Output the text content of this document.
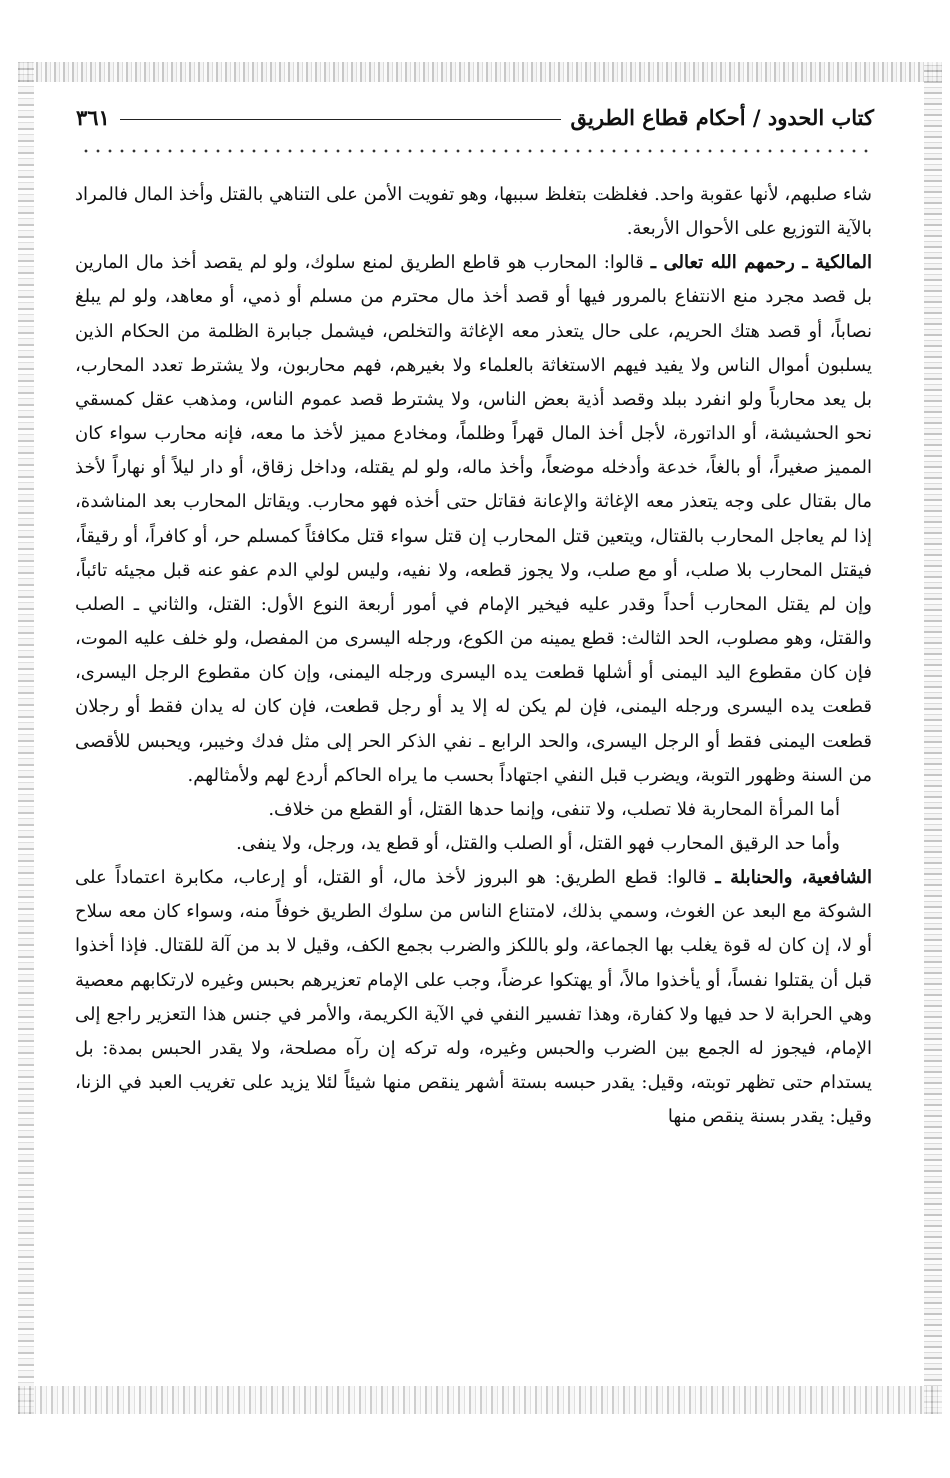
كتاب الحدود / أحكام قطاع الطريق
٣٦١

شاء صلبهم، لأنها عقوبة واحد. فغلظت بتغلظ سببها، وهو تفويت الأمن على التناهي بالقتل وأخذ المال فالمراد بالآية التوزيع على الأحوال الأربعة.

المالكية ـ رحمهم الله تعالى ـ قالوا: المحارب هو قاطع الطريق لمنع سلوك، ولو لم يقصد أخذ مال المارين بل قصد مجرد منع الانتفاع بالمرور فيها أو قصد أخذ مال محترم من مسلم أو ذمي، أو معاهد، ولو لم يبلغ نصاباً، أو قصد هتك الحريم، على حال يتعذر معه الإغاثة والتخلص، فيشمل جبابرة الظلمة من الحكام الذين يسلبون أموال الناس ولا يفيد فيهم الاستغاثة بالعلماء ولا بغيرهم، فهم محاربون، ولا يشترط تعدد المحارب، بل يعد محارباً ولو انفرد ببلد وقصد أذية بعض الناس، ولا يشترط قصد عموم الناس، ومذهب عقل كمسقي نحو الحشيشة، أو الداتورة، لأجل أخذ المال قهراً وظلماً، ومخادع مميز لأخذ ما معه، فإنه محارب سواء كان المميز صغيراً، أو بالغاً، خدعة وأدخله موضعاً، وأخذ ماله، ولو لم يقتله، وداخل زقاق، أو دار ليلاً أو نهاراً لأخذ مال بقتال على وجه يتعذر معه الإغاثة والإعانة فقاتل حتى أخذه فهو محارب. ويقاتل المحارب بعد المناشدة، إذا لم يعاجل المحارب بالقتال، ويتعين قتل المحارب إن قتل سواء قتل مكافئاً كمسلم حر، أو كافراً، أو رقيقاً، فيقتل المحارب بلا صلب، أو مع صلب، ولا يجوز قطعه، ولا نفيه، وليس لولي الدم عفو عنه قبل مجيئه تائباً، وإن لم يقتل المحارب أحداً وقدر عليه فيخير الإمام في أمور أربعة النوع الأول: القتل، والثاني ـ الصلب والقتل، وهو مصلوب، الحد الثالث: قطع يمينه من الكوع، ورجله اليسرى من المفصل، ولو خلف عليه الموت، فإن كان مقطوع اليد اليمنى أو أشلها قطعت يده اليسرى ورجله اليمنى، وإن كان مقطوع الرجل اليسرى، قطعت يده اليسرى ورجله اليمنى، فإن لم يكن له إلا يد أو رجل قطعت، فإن كان له يدان فقط أو رجلان قطعت اليمنى فقط أو الرجل اليسرى، والحد الرابع ـ نفي الذكر الحر إلى مثل فدك وخيبر، ويحبس للأقصى من السنة وظهور التوبة، ويضرب قبل النفي اجتهاداً بحسب ما يراه الحاكم أردع لهم ولأمثالهم.

أما المرأة المحاربة فلا تصلب، ولا تنفى، وإنما حدها القتل، أو القطع من خلاف.

وأما حد الرقيق المحارب فهو القتل، أو الصلب والقتل، أو قطع يد، ورجل، ولا ينفى.

الشافعية، والحنابلة ـ قالوا: قطع الطريق: هو البروز لأخذ مال، أو القتل، أو إرعاب، مكابرة اعتماداً على الشوكة مع البعد عن الغوث، وسمي بذلك، لامتناع الناس من سلوك الطريق خوفاً منه، وسواء كان معه سلاح أو لا، إن كان له قوة يغلب بها الجماعة، ولو باللكز والضرب بجمع الكف، وقيل لا بد من آلة للقتال. فإذا أخذوا قبل أن يقتلوا نفساً، أو يأخذوا مالاً، أو يهتكوا عرضاً، وجب على الإمام تعزيرهم بحبس وغيره لارتكابهم معصية وهي الحرابة لا حد فيها ولا كفارة، وهذا تفسير النفي في الآية الكريمة، والأمر في جنس هذا التعزير راجع إلى الإمام، فيجوز له الجمع بين الضرب والحبس وغيره، وله تركه إن رآه مصلحة، ولا يقدر الحبس بمدة: بل يستدام حتى تظهر توبته، وقيل: يقدر حبسه بستة أشهر ينقص منها شيئاً لئلا يزيد على تغريب العبد في الزنا، وقيل: يقدر بسنة ينقص منها
